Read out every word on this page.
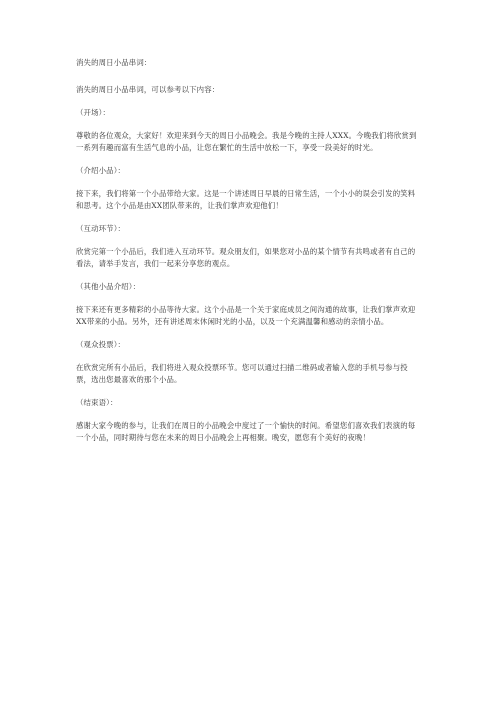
消失的周日小品串词：

消失的周日小品串词，可以参考以下内容：

（开场）：

尊敬的各位观众，大家好！欢迎来到今天的周日小品晚会。我是今晚的主持人XXX。今晚我们将欣赏到一系列有趣而富有生活气息的小品，让您在繁忙的生活中放松一下，享受一段美好的时光。

（介绍小品）：

接下来，我们将第一个小品带给大家。这是一个讲述周日早晨的日常生活，一个小小的误会引发的笑料和思考。这个小品是由XX团队带来的，让我们掌声欢迎他们！

（互动环节）：

欣赏完第一个小品后，我们进入互动环节。观众朋友们，如果您对小品的某个情节有共鸣或者有自己的看法，请举手发言，我们一起来分享您的观点。

（其他小品介绍）：

接下来还有更多精彩的小品等待大家。这个小品是一个关于家庭成员之间沟通的故事，让我们掌声欢迎XX带来的小品。另外，还有讲述周末休闲时光的小品，以及一个充满温馨和感动的亲情小品。

（观众投票）：

在欣赏完所有小品后，我们将进入观众投票环节。您可以通过扫描二维码或者输入您的手机号参与投票，选出您最喜欢的那个小品。

（结束语）：

感谢大家今晚的参与，让我们在周日的小品晚会中度过了一个愉快的时间。希望您们喜欢我们表演的每一个小品，同时期待与您在未来的周日小品晚会上再相聚。晚安，愿您有个美好的夜晚！
